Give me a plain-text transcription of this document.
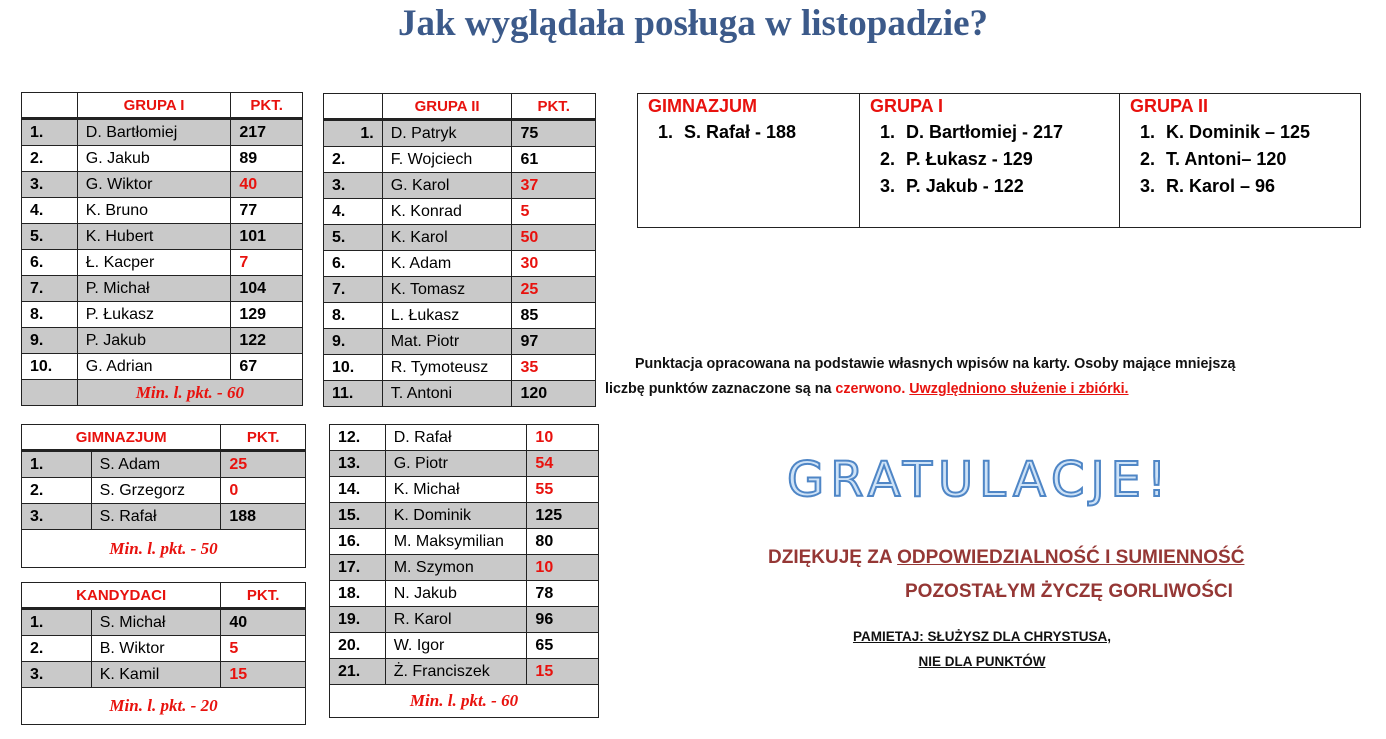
Jak wyglądała posługa w listopadzie?
	GRUPA I	PKT.
1.	D. Bartłomiej	217
2.	G. Jakub	89
3.	G. Wiktor	40
4.	K. Bruno	77
5.	K. Hubert	101
6.	Ł. Kacper	7
7.	P. Michał	104
8.	P. Łukasz	129
9.	P. Jakub	122
10.	G. Adrian	67
	Min. l. pkt. - 60	
	GRUPA II	PKT.
1.	D. Patryk	75
2.	F. Wojciech	61
3.	G. Karol	37
4.	K. Konrad	5
5.	K. Karol	50
6.	K. Adam	30
7.	K. Tomasz	25
8.	L. Łukasz	85
9.	Mat. Piotr	97
10.	R. Tymoteusz	35
11.	T. Antoni	120
12.	D. Rafał	10
13.	G. Piotr	54
14.	K. Michał	55
15.	K. Dominik	125
16.	M. Maksymilian	80
17.	M. Szymon	10
18.	N. Jakub	78
19.	R. Karol	96
20.	W. Igor	65
21.	Ż. Franciszek	15
Min. l. pkt. - 60		
GIMNAZJUM		PKT.
1.	S. Adam	25
2.	S. Grzegorz	0
3.	S. Rafał	188
Min. l. pkt. - 50		
KANDYDACI		PKT.
1.	S. Michał	40
2.	B. Wiktor	5
3.	K. Kamil	15
Min. l. pkt. - 20		
GIMNAZJUM
1. S. Rafał - 188
GRUPA I
1. D. Bartłomiej - 217
2. P. Łukasz - 129
3. P. Jakub - 122
GRUPA II
1. K. Dominik – 125
2. T. Antoni– 120
3. R. Karol – 96
Punktacja opracowana na podstawie własnych wpisów na karty. Osoby mające mniejszą
liczbę punktów zaznaczone są na czerwono. Uwzględniono służenie i zbiórki.
GRATULACJE!
DZIĘKUJĘ ZA ODPOWIEDZIALNOŚĆ I SUMIENNOŚĆ
POZOSTAŁYM ŻYCZĘ GORLIWOŚCI
PAMIETAJ: SŁUŻYSZ DLA CHRYSTUSA,
NIE DLA PUNKTÓW
